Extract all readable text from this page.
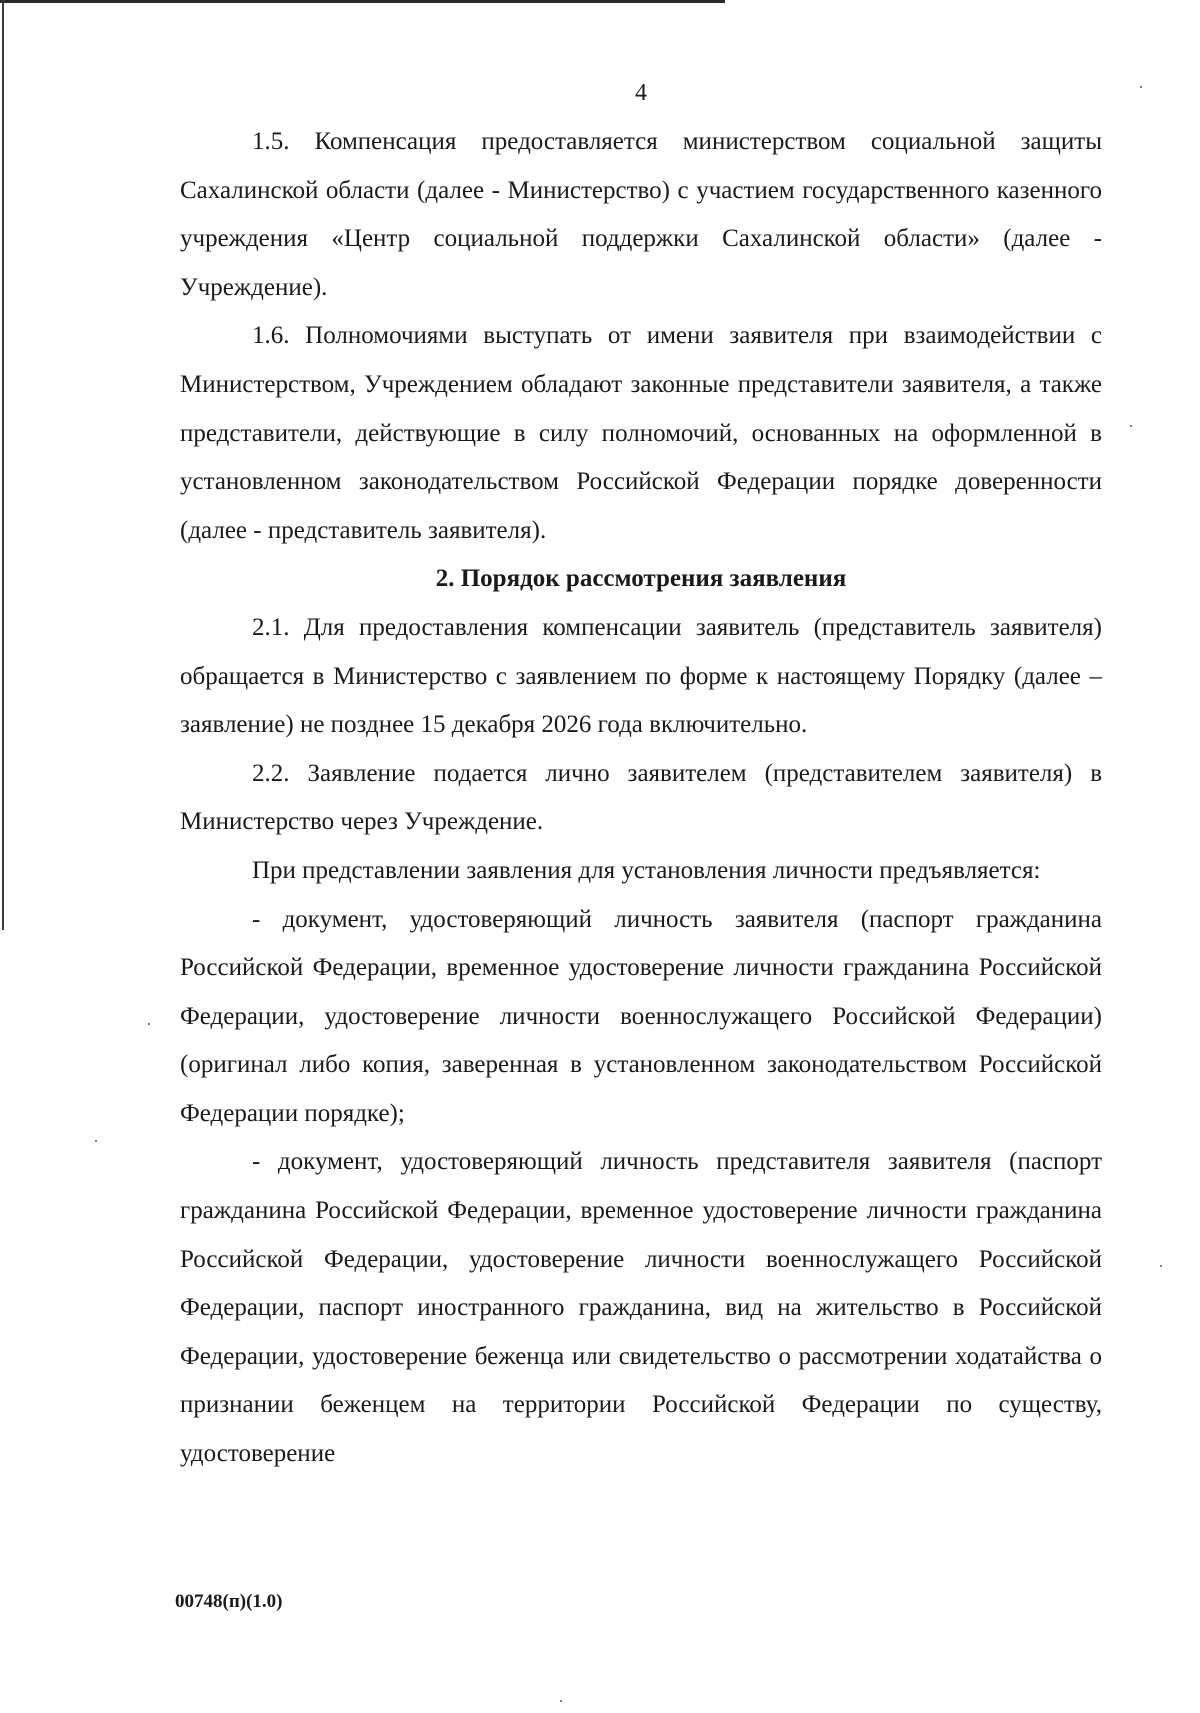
4

1.5. Компенсация предоставляется министерством социальной защиты Сахалинской области (далее - Министерство) с участием государственного казенного учреждения «Центр социальной поддержки Сахалинской области» (далее - Учреждение).

1.6. Полномочиями выступать от имени заявителя при взаимодействии с Министерством, Учреждением обладают законные представители заявителя, а также представители, действующие в силу полномочий, основанных на оформленной в установленном законодательством Российской Федерации порядке доверенности (далее - представитель заявителя).

2. Порядок рассмотрения заявления

2.1. Для предоставления компенсации заявитель (представитель заявителя) обращается в Министерство с заявлением по форме к настоящему Порядку (далее – заявление) не позднее 15 декабря 2026 года включительно.

2.2. Заявление подается лично заявителем (представителем заявителя) в Министерство через Учреждение.

При представлении заявления для установления личности предъявляется:

- документ, удостоверяющий личность заявителя (паспорт гражданина Российской Федерации, временное удостоверение личности гражданина Российской Федерации, удостоверение личности военнослужащего Российской Федерации) (оригинал либо копия, заверенная в установленном законодательством Российской Федерации порядке);

- документ, удостоверяющий личность представителя заявителя (паспорт гражданина Российской Федерации, временное удостоверение личности гражданина Российской Федерации, удостоверение личности военнослужащего Российской Федерации, паспорт иностранного гражданина, вид на жительство в Российской Федерации, удостоверение беженца или свидетельство о рассмотрении ходатайства о признании беженцем на территории Российской Федерации по существу, удостоверение

00748(п)(1.0)
